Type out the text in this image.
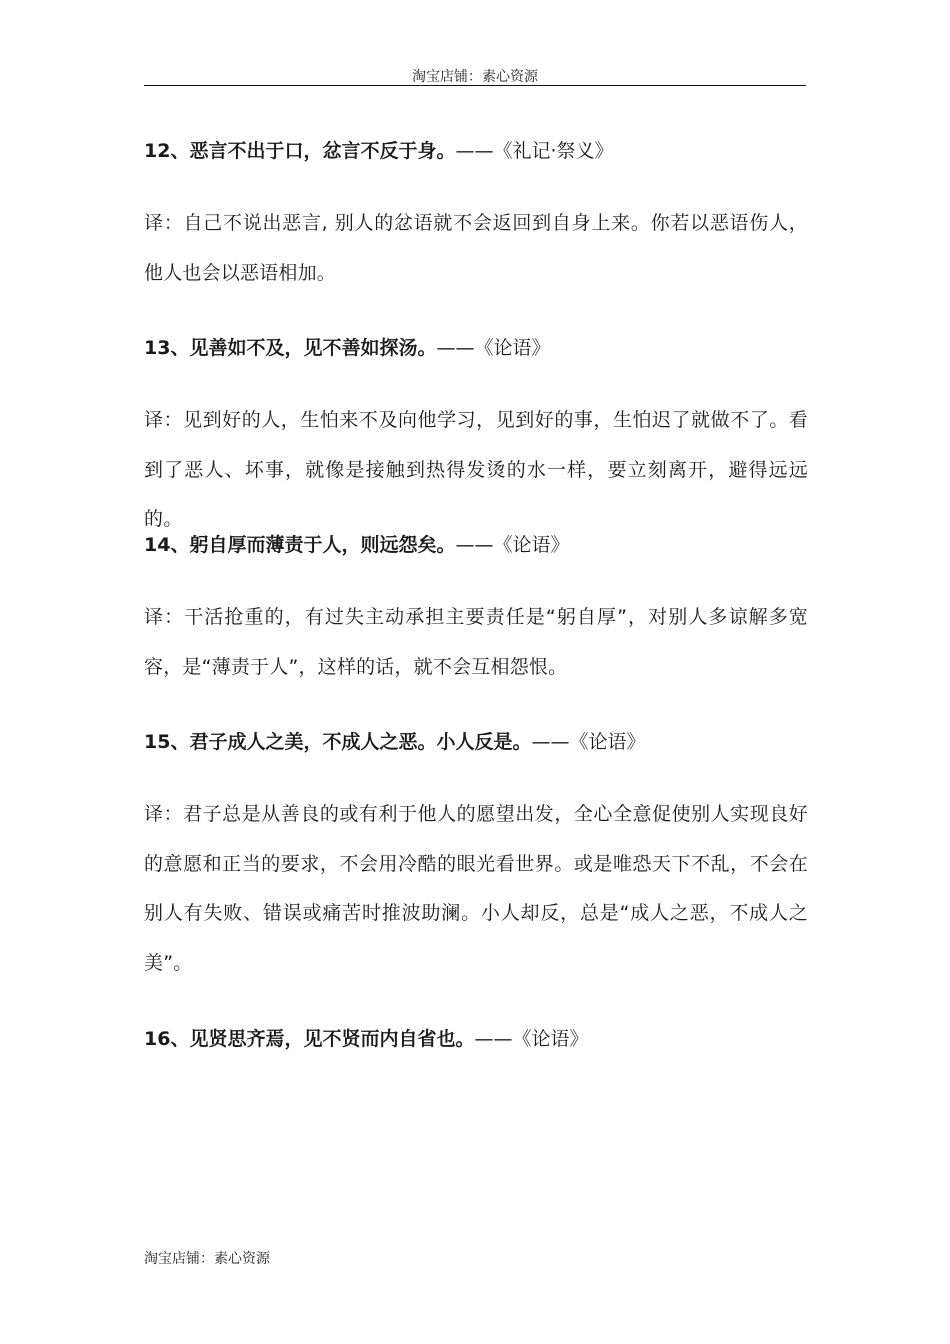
淘宝店铺：素心资源
12、恶言不出于口，忿言不反于身。——《礼记·祭义》
译：自己不说出恶言, 别人的忿语就不会返回到自身上来。你若以恶语伤人，他人也会以恶语相加。
13、见善如不及，见不善如探汤。——《论语》
译：见到好的人，生怕来不及向他学习，见到好的事，生怕迟了就做不了。看到了恶人、坏事，就像是接触到热得发烫的水一样，要立刻离开，避得远远的。
14、躬自厚而薄责于人，则远怨矣。——《论语》
译：干活抢重的，有过失主动承担主要责任是“躬自厚”，对别人多谅解多宽容，是“薄责于人”，这样的话，就不会互相怨恨。
15、君子成人之美，不成人之恶。小人反是。——《论语》
译：君子总是从善良的或有利于他人的愿望出发，全心全意促使别人实现良好的意愿和正当的要求，不会用冷酷的眼光看世界。或是唯恐天下不乱，不会在别人有失败、错误或痛苦时推波助澜。小人却反，总是“成人之恶，不成人之美”。
16、见贤思齐焉，见不贤而内自省也。——《论语》
淘宝店铺：素心资源
